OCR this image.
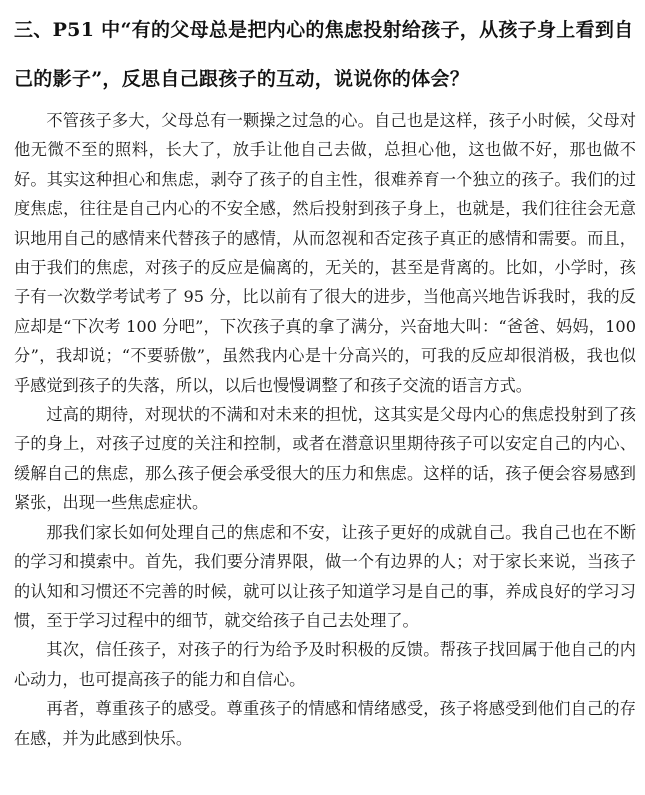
三、P51 中“有的父母总是把内心的焦虑投射给孩子，从孩子身上看到自己的影子”，反思自己跟孩子的互动，说说你的体会？

不管孩子多大，父母总有一颗操之过急的心。自己也是这样，孩子小时候，父母对他无微不至的照料，长大了，放手让他自己去做，总担心他，这也做不好，那也做不好。其实这种担心和焦虑，剥夺了孩子的自主性，很难养育一个独立的孩子。我们的过度焦虑，往往是自己内心的不安全感，然后投射到孩子身上，也就是，我们往往会无意识地用自己的感情来代替孩子的感情，从而忽视和否定孩子真正的感情和需要。而且，由于我们的焦虑，对孩子的反应是偏离的，无关的，甚至是背离的。比如，小学时，孩子有一次数学考试考了 95 分，比以前有了很大的进步，当他高兴地告诉我时，我的反应却是“下次考 100 分吧”，下次孩子真的拿了满分，兴奋地大叫：“爸爸、妈妈，100 分”，我却说；“不要骄傲”，虽然我内心是十分高兴的，可我的反应却很消极，我也似乎感觉到孩子的失落，所以，以后也慢慢调整了和孩子交流的语言方式。

过高的期待，对现状的不满和对未来的担忧，这其实是父母内心的焦虑投射到了孩子的身上，对孩子过度的关注和控制，或者在潜意识里期待孩子可以安定自己的内心、缓解自己的焦虑，那么孩子便会承受很大的压力和焦虑。这样的话，孩子便会容易感到紧张，出现一些焦虑症状。

那我们家长如何处理自己的焦虑和不安，让孩子更好的成就自己。我自己也在不断的学习和摸索中。首先，我们要分清界限，做一个有边界的人；对于家长来说，当孩子的认知和习惯还不完善的时候，就可以让孩子知道学习是自己的事，养成良好的学习习惯，至于学习过程中的细节，就交给孩子自己去处理了。

其次，信任孩子，对孩子的行为给予及时积极的反馈。帮孩子找回属于他自己的内心动力，也可提高孩子的能力和自信心。

再者，尊重孩子的感受。尊重孩子的情感和情绪感受，孩子将感受到他们自己的存在感，并为此感到快乐。
